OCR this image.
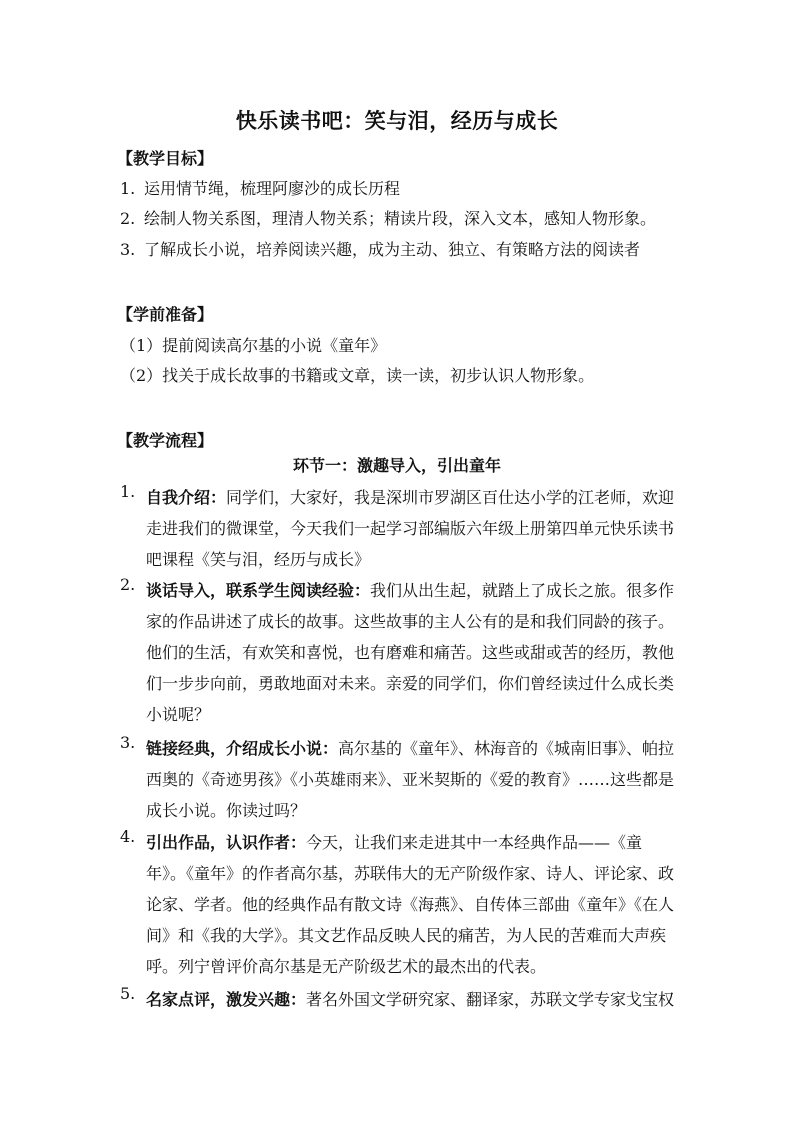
快乐读书吧：笑与泪，经历与成长
【教学目标】
1. 运用情节绳，梳理阿廖沙的成长历程
2. 绘制人物关系图，理清人物关系；精读片段，深入文本，感知人物形象。
3. 了解成长小说，培养阅读兴趣，成为主动、独立、有策略方法的阅读者
【学前准备】
（1）提前阅读高尔基的小说《童年》
（2）找关于成长故事的书籍或文章，读一读，初步认识人物形象。
【教学流程】
环节一：激趣导入，引出童年
1. 自我介绍：同学们，大家好，我是深圳市罗湖区百仕达小学的江老师，欢迎走进我们的微课堂，今天我们一起学习部编版六年级上册第四单元快乐读书吧课程《笑与泪，经历与成长》
2. 谈话导入，联系学生阅读经验：我们从出生起，就踏上了成长之旅。很多作家的作品讲述了成长的故事。这些故事的主人公有的是和我们同龄的孩子。他们的生活，有欢笑和喜悦，也有磨难和痛苦。这些或甜或苦的经历，教他们一步步向前，勇敢地面对未来。亲爱的同学们，你们曾经读过什么成长类小说呢？
3. 链接经典，介绍成长小说：高尔基的《童年》、林海音的《城南旧事》、帕拉西奥的《奇迹男孩》《小英雄雨来》、亚米契斯的《爱的教育》……这些都是成长小说。你读过吗？
4. 引出作品，认识作者：今天，让我们来走进其中一本经典作品——《童年》。《童年》的作者高尔基，苏联伟大的无产阶级作家、诗人、评论家、政论家、学者。他的经典作品有散文诗《海燕》、自传体三部曲《童年》《在人间》和《我的大学》。其文艺作品反映人民的痛苦，为人民的苦难而大声疾呼。列宁曾评价高尔基是无产阶级艺术的最杰出的代表。
5. 名家点评，激发兴趣：著名外国文学研究家、翻译家，苏联文学专家戈宝权
